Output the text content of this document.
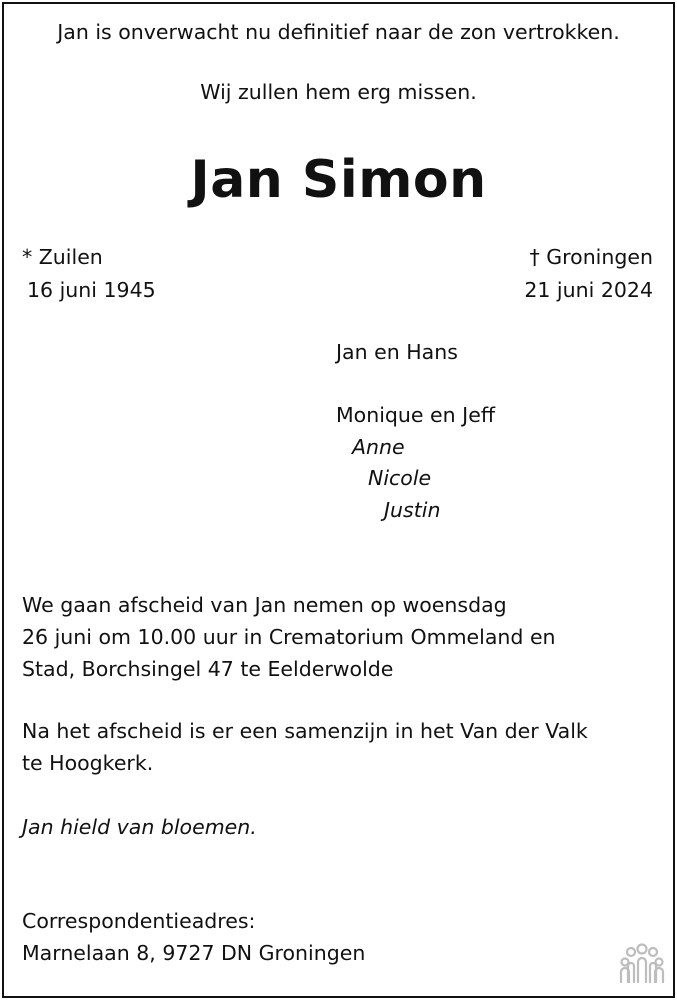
Jan is onverwacht nu definitief naar de zon vertrokken.
Wij zullen hem erg missen.
Jan Simon
* Zuilen
16 juni 1945
† Groningen
21 juni 2024
Jan en Hans
Monique en Jeff
Anne
Nicole
Justin
We gaan afscheid van Jan nemen op woensdag
26 juni om 10.00 uur in Crematorium Ommeland en
Stad, Borchsingel 47 te Eelderwolde
Na het afscheid is er een samenzijn in het Van der Valk
te Hoogkerk.
Jan hield van bloemen.
Correspondentieadres:
Marnelaan 8, 9727 DN Groningen
